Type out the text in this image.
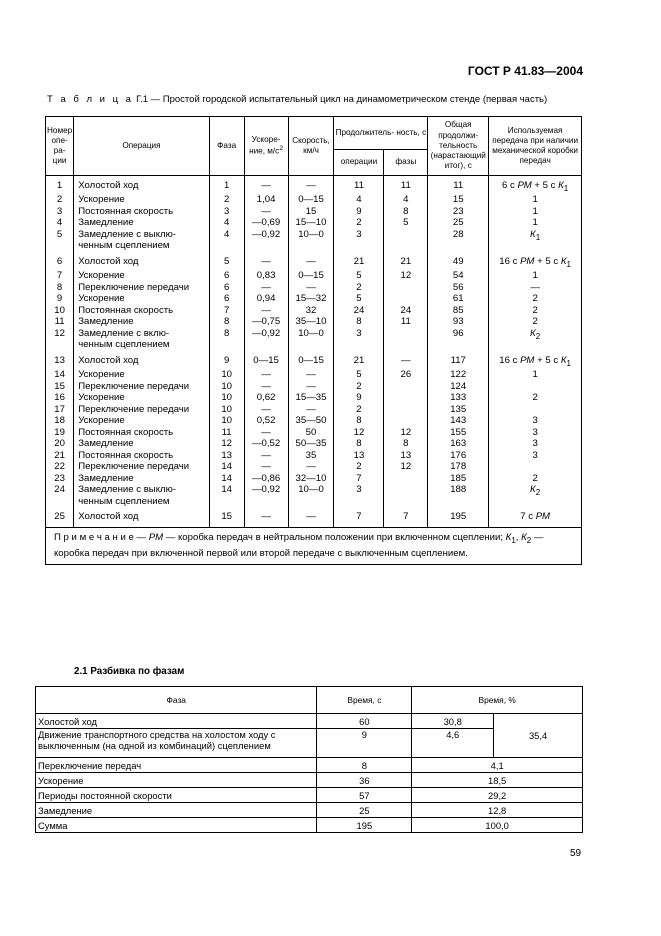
ГОСТ Р 41.83—2004
Т а б л и ц а Г.1 — Простой городской испытательный цикл на динамометрическом стенде (первая часть)
Номер опе- ра- ции	Операция	Фаза	Ускоре- ние, $м/с^2$	Скорость, км/ч	Продолжитель- ность, с		Общая продолжи- тельность (нарастающий итог), с	Используемая передача при наличии механической коробки передач
					операции	фазы		
1	Холостой ход	1	—	—	11	11	11	6 с РМ + 5 с $К_1$
2	Ускорение	2	1,04	0—15	4	4	15	1
3	Постоянная скорость	3	—	15	9	8	23	1
4	Замедление	4	—0,69	15—10	2	5	25	1
5	Замедление с выклю-
ченным сцеплением	4	—0,92	10—0	3		28	$К_1$
6	Холостой ход	5	—	—	21	21	49	16 с РМ + 5 с $К_1$
7	Ускорение	6	0,83	0—15	5	12	54	1
8	Переключение передачи	6	—	—	2		56	—
9	Ускорение	6	0,94	15—32	5		61	2
10	Постоянная скорость	7	—	32	24	24	85	2
11	Замедление	8	—0,75	35—10	8	11	93	2
12	Замедление с вклю-
ченным сцеплением	8	—0,92	10—0	3		96	$К_2$
13	Холостой ход	9	0—15	0—15	21	—	117	16 с РМ + 5 с $К_1$
14	Ускорение	10	—	—	5	26	122	1
15	Переключение передачи	10	—	—	2		124	
16	Ускорение	10	0,62	15—35	9		133	2
17	Переключение передачи	10	—	—	2		135	
18	Ускорение	10	0,52	35—50	8		143	3
19	Постоянная скорость	11	—	50	12	12	155	3
20	Замедление	12	—0,52	50—35	8	8	163	3
21	Постоянная скорость	13	—	35	13	13	176	3
22	Переключение передачи	14	—	—	2	12	178	
23	Замедление	14	—0,86	32—10	7		185	2
24	Замедление с выклю-
ченным сцеплением	14	—0,92	10—0	3		188	$К_2$
25	Холостой ход	15	—	—	7	7	195	7 с РМ
П р и м е ч а н и е — РМ — коробка передач в нейтральном положении при включенном сцеплении; $К_1$, $К_2$ — коробка передач при включенной первой или второй передаче с выключенным сцеплением.								
2.1 Разбивка по фазам
Фаза	Время, с	Время, %	
Холостой ход	60	30,8	35,4
Движение транспортного средства на холостом ходу с выключенным (на одной из комбинаций) сцеплением	9	4,6	
Переключение передач	8	4,1	
Ускорение	36	18,5	
Периоды постоянной скорости	57	29,2	
Замедление	25	12,8	
Сумма	195	100,0	
59
